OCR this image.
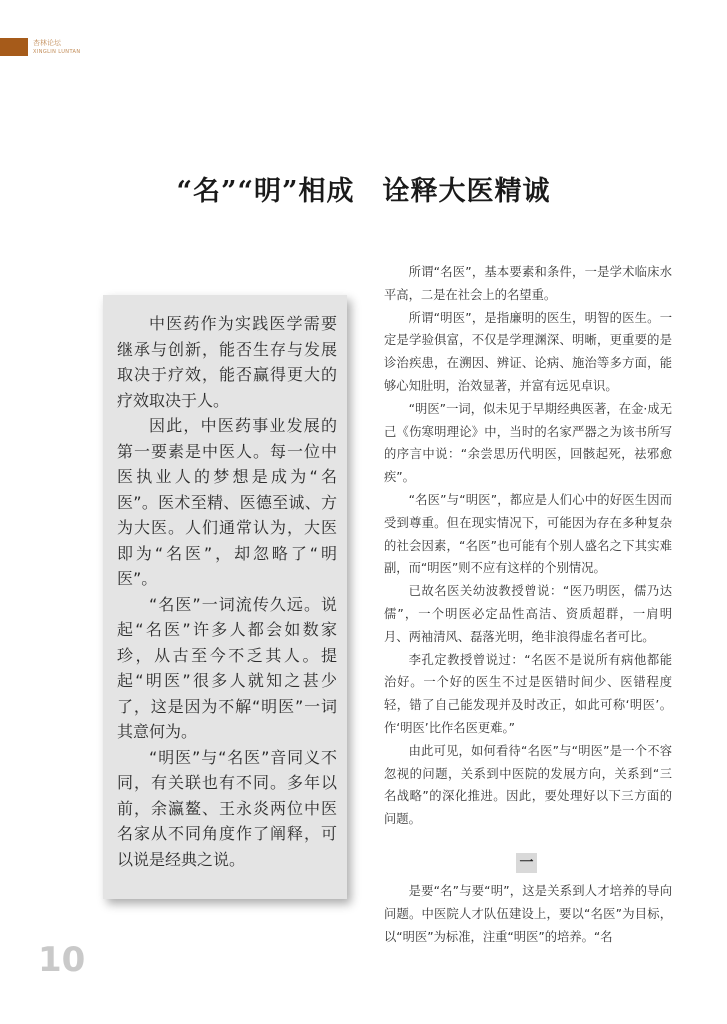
杏林论坛
XINGLIN LUNTAN
“名”“明”相成　诠释大医精诚

中医药作为实践医学需要继承与创新，能否生存与发展取决于疗效，能否赢得更大的疗效取决于人。

因此，中医药事业发展的第一要素是中医人。每一位中医执业人的梦想是成为“名医”。医术至精、医德至诚、方为大医。人们通常认为，大医即为“名医”，却忽略了“明医”。

“名医”一词流传久远。说起“名医”许多人都会如数家珍，从古至今不乏其人。提起“明医”很多人就知之甚少了，这是因为不解“明医”一词其意何为。

“明医”与“名医”音同义不同，有关联也有不同。多年以前，余瀛鳌、王永炎两位中医名家从不同角度作了阐释，可以说是经典之说。

所谓“名医”，基本要素和条件，一是学术临床水平高，二是在社会上的名望重。

所谓“明医”，是指廉明的医生，明智的医生。一定是学验俱富，不仅是学理渊深、明晰，更重要的是诊治疾患，在溯因、辨证、论病、施治等多方面，能够心知肚明，治效显著，并富有远见卓识。

“明医”一词，似未见于早期经典医著，在金·成无己《伤寒明理论》中，当时的名家严器之为该书所写的序言中说：“余尝思历代明医，回骸起死，祛邪愈疾”。

“名医”与“明医”，都应是人们心中的好医生因而受到尊重。但在现实情况下，可能因为存在多种复杂的社会因素，“名医”也可能有个别人盛名之下其实难副，而“明医”则不应有这样的个别情况。

已故名医关幼波教授曾说：“医乃明医，儒乃达儒”，一个明医必定品性高洁、资质超群，一肩明月、两袖清风、磊落光明，绝非浪得虚名者可比。

李孔定教授曾说过：“名医不是说所有病他都能治好。一个好的医生不过是医错时间少、医错程度轻，错了自己能发现并及时改正，如此可称‘明医’。作‘明医’比作名医更难。”

由此可见，如何看待“名医”与“明医”是一个不容忽视的问题，关系到中医院的发展方向，关系到“三名战略”的深化推进。因此，要处理好以下三方面的问题。

一

是要“名”与要“明”，这是关系到人才培养的导向问题。中医院人才队伍建设上，要以“名医”为目标，以“明医”为标准，注重“明医”的培养。“名

10
